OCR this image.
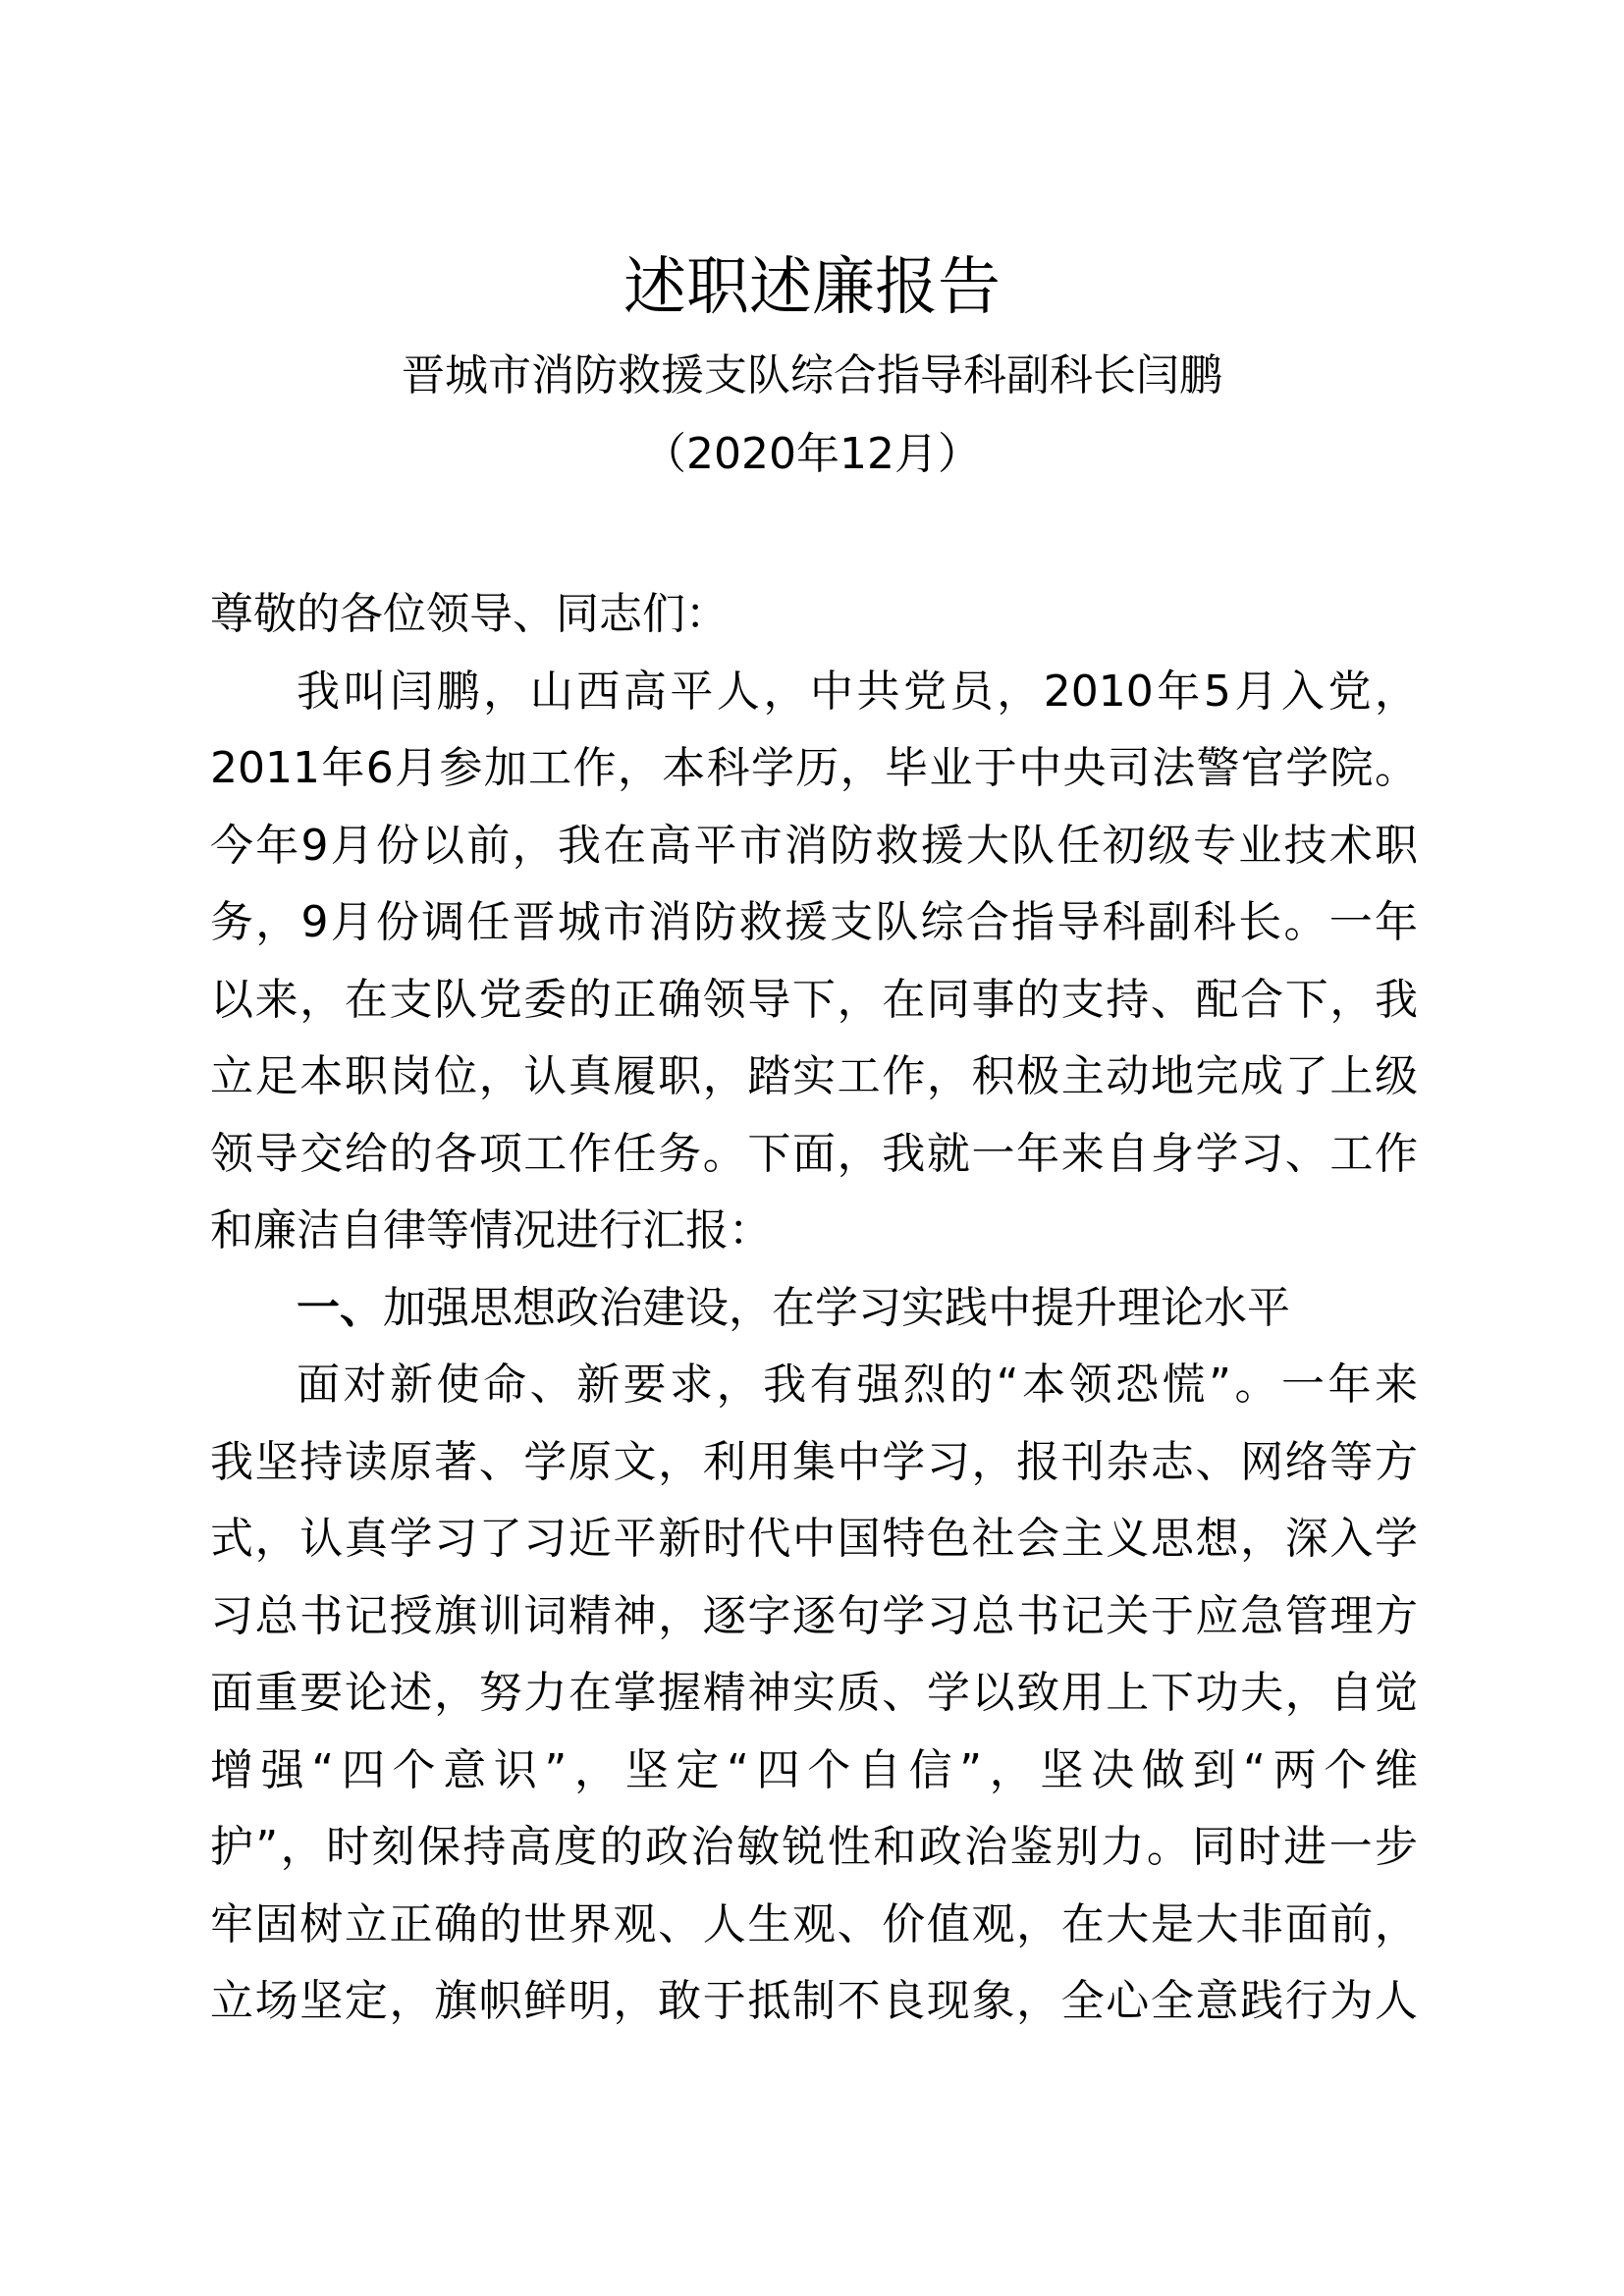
述职述廉报告
晋城市消防救援支队综合指导科副科长闫鹏
（2020年12月）
尊敬的各位领导、同志们：
我叫闫鹏，山西高平人，中共党员，2010年5月入党，
2011年6月参加工作，本科学历，毕业于中央司法警官学院。
今年9月份以前，我在高平市消防救援大队任初级专业技术职
务，9月份调任晋城市消防救援支队综合指导科副科长。一年
以来，在支队党委的正确领导下，在同事的支持、配合下，我
立足本职岗位，认真履职，踏实工作，积极主动地完成了上级
领导交给的各项工作任务。下面，我就一年来自身学习、工作
和廉洁自律等情况进行汇报：
一、加强思想政治建设，在学习实践中提升理论水平
面对新使命、新要求，我有强烈的“本领恐慌”。一年来
我坚持读原著、学原文，利用集中学习，报刊杂志、网络等方
式，认真学习了习近平新时代中国特色社会主义思想，深入学
习总书记授旗训词精神，逐字逐句学习总书记关于应急管理方
面重要论述，努力在掌握精神实质、学以致用上下功夫，自觉
增强“四个意识”，坚定“四个自信”，坚决做到“两个维
护”，时刻保持高度的政治敏锐性和政治鉴别力。同时进一步
牢固树立正确的世界观、人生观、价值观，在大是大非面前，
立场坚定，旗帜鲜明，敢于抵制不良现象，全心全意践行为人
